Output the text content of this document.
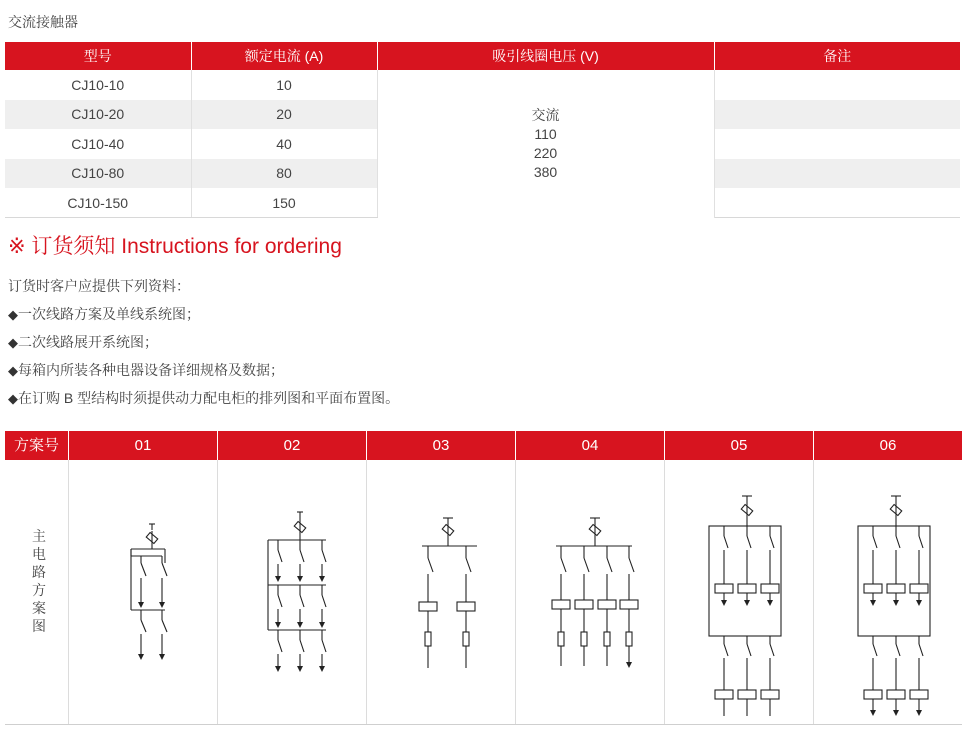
交流接触器
型号	额定电流 (A)	吸引线圈电压 (V)	备注
CJ10-10	10	交流
110
220
380	

CJ10-20	20		
CJ10-40	40		
CJ10-80	80		
CJ10-150	150		
※ 订货须知 Instructions for ordering
订货时客户应提供下列资料：
◆一次线路方案及单线系统图；
◆二次线路展开系统图；
◆每箱内所装各种电器设备详细规格及数据；
◆在订购 B 型结构时须提供动力配电柜的排列图和平面布置图。
方案号	01	02	03	04	05	06
主
电
路
方
案
图
